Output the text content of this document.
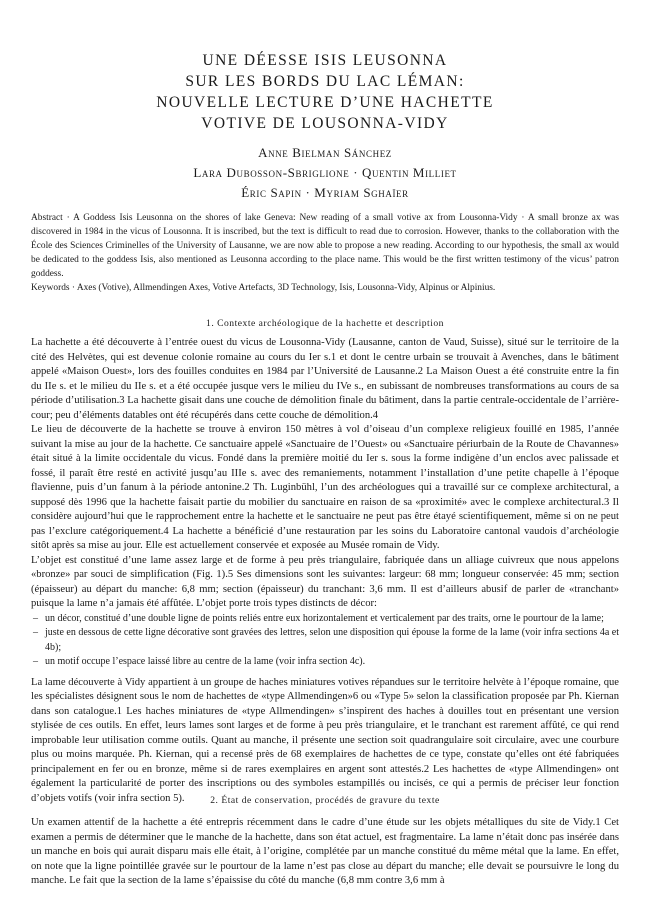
UNE DÉESSE ISIS LEUSONNA
SUR LES BORDS DU LAC LÉMAN:
NOUVELLE LECTURE D’UNE HACHETTE
VOTIVE DE LOUSONNA-VIDY
Anne Bielman Sánchez
Lara Dubosson-Sbriglione · Quentin Milliet
Éric Sapin · Myriam Sghaïer
Abstract · A Goddess Isis Leusonna on the shores of lake Geneva: New reading of a small votive ax from Lousonna-Vidy · A small bronze ax was discovered in 1984 in the vicus of Lousonna. It is inscribed, but the text is difficult to read due to corrosion. However, thanks to the collaboration with the École des Sciences Criminelles of the University of Lausanne, we are now able to propose a new reading. According to our hypothesis, the small ax would be dedicated to the goddess Isis, also mentioned as Leusonna according to the place name. This would be the first written testimony of the vicus’ patron goddess.
Keywords · Axes (Votive), Allmendingen Axes, Votive Artefacts, 3D Technology, Isis, Lousonna-Vidy, Alpinus or Alpinius.
1. Contexte archéologique de la hachette et description

La hachette a été découverte à l’entrée ouest du vicus de Lousonna-Vidy (Lausanne, canton de Vaud, Suisse), situé sur le territoire de la cité des Helvètes, qui est devenue colonie romaine au cours du Ier s.1 et dont le centre urbain se trouvait à Avenches, dans le bâtiment appelé «Maison Ouest», lors des fouilles conduites en 1984 par l’Université de Lausanne.2 La Maison Ouest a été construite entre la fin du IIe s. et le milieu du IIe s. et a été occupée jusque vers le milieu du IVe s., en subissant de nombreuses transformations au cours de sa période d’utilisation.3 La hachette gisait dans une couche de démolition finale du bâtiment, dans la partie centrale-occidentale de l’arrière-cour; peu d’éléments datables ont été récupérés dans cette couche de démolition.4

Le lieu de découverte de la hachette se trouve à environ 150 mètres à vol d’oiseau d’un complexe religieux fouillé en 1985, l’année suivant la mise au jour de la hachette. Ce sanctuaire appelé «Sanctuaire de l’Ouest» ou «Sanctuaire périurbain de la Route de Chavannes» était situé à la limite occidentale du vicus. Fondé dans la première moitié du Ier s. sous la forme indigène d’un enclos avec palissade et fossé, il paraît être resté en activité jusqu’au IIIe s. avec des remaniements, notamment l’installation d’une petite chapelle à l’époque flavienne, puis d’un fanum à la période antonine.2 Th. Luginbühl, l’un des archéologues qui a travaillé sur ce complexe architectural, a supposé dès 1996 que la hachette faisait partie du mobilier du sanctuaire en raison de sa «proximité» avec le complexe architectural.3 Il considère aujourd’hui que le rapprochement entre la hachette et le sanctuaire ne peut pas être étayé scientifiquement, même si on ne peut pas l’exclure catégoriquement.4 La hachette a bénéficié d’une restauration par les soins du Laboratoire cantonal vaudois d’archéologie sitôt après sa mise au jour. Elle est actuellement conservée et exposée au Musée romain de Vidy.

L’objet est constitué d’une lame assez large et de forme à peu près triangulaire, fabriquée dans un alliage cuivreux que nous appelons «bronze» par souci de simplification (Fig. 1).5 Ses dimensions sont les suivantes: largeur: 68 mm; longueur conservée: 45 mm; section (épaisseur) au départ du manche: 6,8 mm; section (épaisseur) du tranchant: 3,6 mm. Il est d’ailleurs abusif de parler de «tranchant» puisque la lame n’a jamais été affûtée. L’objet porte trois types distincts de décor:

– un décor, constitué d’une double ligne de points reliés entre eux horizontalement et verticalement par des traits, orne le pourtour de la lame;
– juste en dessous de cette ligne décorative sont gravées des lettres, selon une disposition qui épouse la forme de la lame (voir infra sections 4a et 4b);
– un motif occupe l’espace laissé libre au centre de la lame (voir infra section 4c).

La lame découverte à Vidy appartient à un groupe de haches miniatures votives répandues sur le territoire helvète à l’époque romaine, que les spécialistes désignent sous le nom de hachettes de «type Allmendingen»6 ou «Type 5» selon la classification proposée par Ph. Kiernan dans son catalogue.1 Les haches miniatures de «type Allmendingen» s’inspirent des haches à douilles tout en présentant une version stylisée de ces outils. En effet, leurs lames sont larges et de forme à peu près triangulaire, et le tranchant est rarement affûté, ce qui rend improbable leur utilisation comme outils. Quant au manche, il présente une section soit quadrangulaire soit circulaire, avec une courbure plus ou moins marquée. Ph. Kiernan, qui a recensé près de 68 exemplaires de hachettes de ce type, constate qu’elles ont été fabriquées principalement en fer ou en bronze, même si de rares exemplaires en argent sont attestés.2 Les hachettes de «type Allmendingen» ont également la particularité de porter des inscriptions ou des symboles estampillés ou incisés, ce qui a permis de préciser leur fonction d’objets votifs (voir infra section 5).	2. État de conservation, procédés de gravure du texte

Un examen attentif de la hachette a été entrepris récemment dans le cadre d’une étude sur les objets métalliques du site de Vidy.1 Cet examen a permis de déterminer que le manche de la hachette, dans son état actuel, est fragmentaire. La lame n’était donc pas insérée dans un manche en bois qui aurait disparu mais elle était, à l’origine, complétée par un manche constitué du même métal que la lame. En effet, on note que la ligne pointillée gravée sur le pourtour de la lame n’est pas close au départ du manche; elle devait se poursuivre le long du manche. Le fait que la section de la lame s’épaissise du côté du manche (6,8 mm contre 3,6 mm à
